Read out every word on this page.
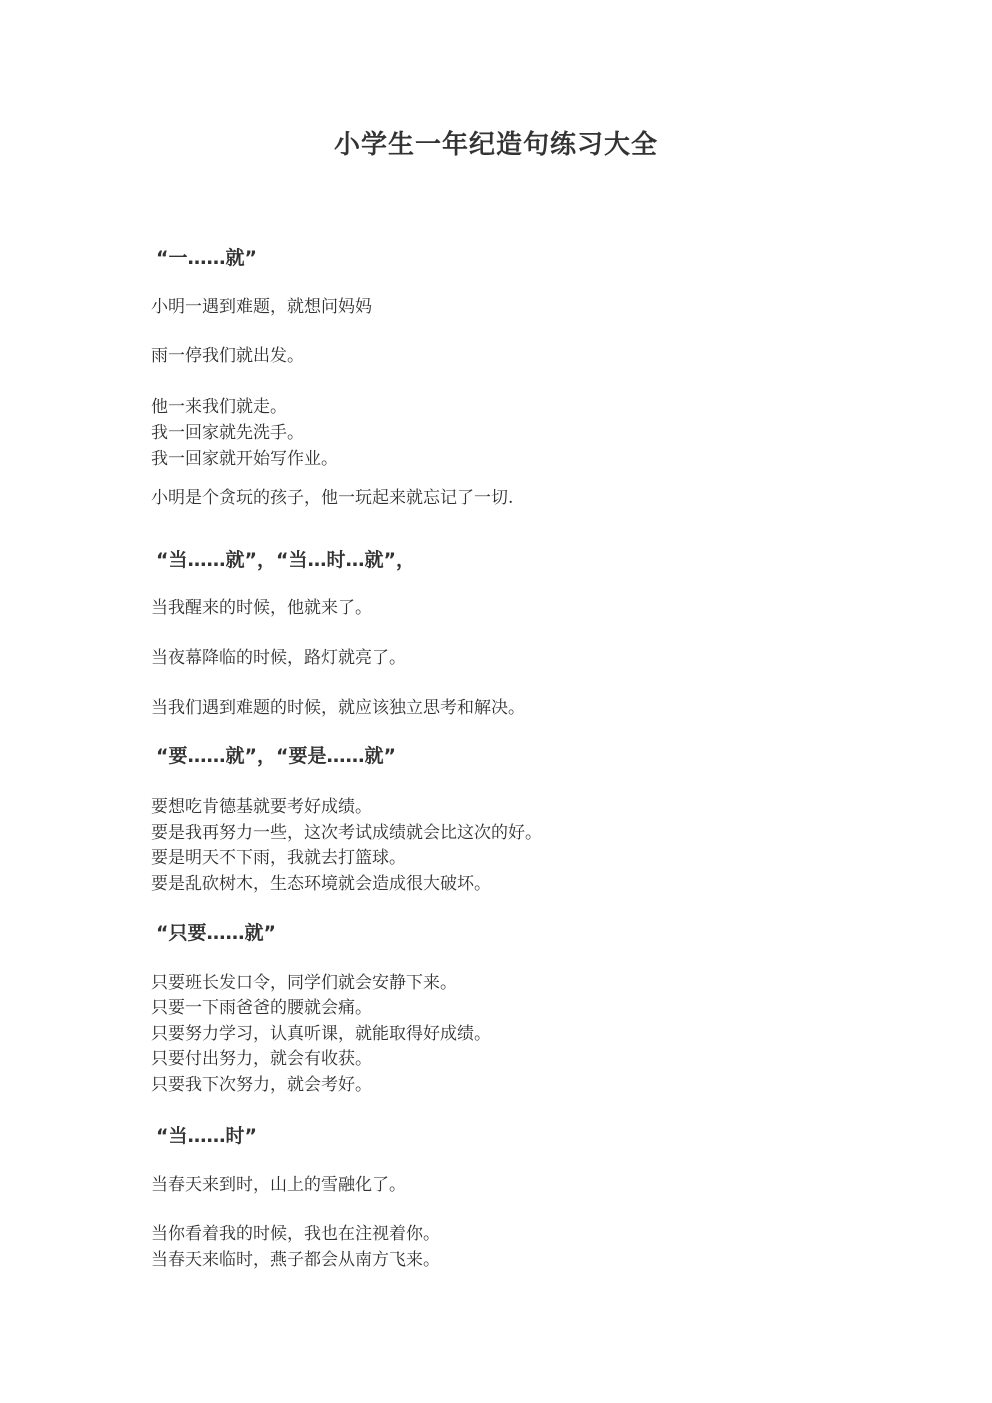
小学生一年纪造句练习大全
“一……就”
小明一遇到难题，就想问妈妈
雨一停我们就出发。
他一来我们就走。
我一回家就先洗手。
我一回家就开始写作业。
小明是个贪玩的孩子，他一玩起来就忘记了一切.
“当……就”，“当…时…就”，
当我醒来的时候，他就来了。
当夜幕降临的时候，路灯就亮了。
当我们遇到难题的时候，就应该独立思考和解决。
“要……就”，“要是……就”
要想吃肯德基就要考好成绩。
要是我再努力一些，这次考试成绩就会比这次的好。
要是明天不下雨，我就去打篮球。
要是乱砍树木，生态环境就会造成很大破坏。
“只要……就”
只要班长发口令，同学们就会安静下来。
只要一下雨爸爸的腰就会痛。
只要努力学习，认真听课，就能取得好成绩。
只要付出努力，就会有收获。
只要我下次努力，就会考好。
“当……时”
当春天来到时，山上的雪融化了。
当你看着我的时候，我也在注视着你。
当春天来临时，燕子都会从南方飞来。
